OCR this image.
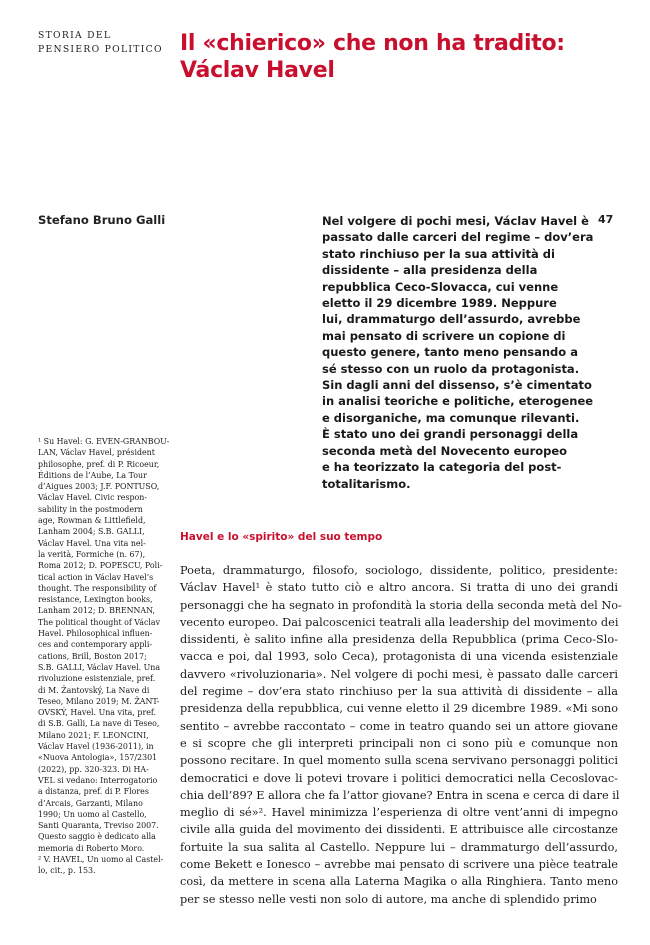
STORIA DEL
PENSIERO POLITICO Il «chierico» che non ha tradito:
Václav Havel
Stefano Bruno Galli	47
Nel volgere di pochi mesi, Václav Havel è
passato dalle carceri del regime – dov’era
stato rinchiuso per la sua attività di
dissidente – alla presidenza della
repubblica Ceco-Slovacca, cui venne
eletto il 29 dicembre 1989. Neppure
lui, drammaturgo dell’assurdo, avrebbe
mai pensato di scrivere un copione di
questo genere, tanto meno pensando a
sé stesso con un ruolo da protagonista.
Sin dagli anni del dissenso, s’è cimentato
in analisi teoriche e politiche, eterogenee
e disorganiche, ma comunque rilevanti.
È stato uno dei grandi personaggi della
seconda metà del Novecento europeo
e ha teorizzato la categoria del post-
totalitarismo.
Havel e lo «spirito» del suo tempo
Poeta, drammaturgo, filosofo, sociologo, dissidente, politico, presidente:
Václav Havel¹ è stato tutto ciò e altro ancora. Si tratta di uno dei grandi
personaggi che ha segnato in profondità la storia della seconda metà del No-
vecento europeo. Dai palcoscenici teatrali alla leadership del movimento dei
dissidenti, è salito infine alla presidenza della Repubblica (prima Ceco-Slo-
vacca e poi, dal 1993, solo Ceca), protagonista di una vicenda esistenziale
davvero «rivoluzionaria». Nel volgere di pochi mesi, è passato dalle carceri
del regime – dov’era stato rinchiuso per la sua attività di dissidente – alla
presidenza della repubblica, cui venne eletto il 29 dicembre 1989. «Mi sono
sentito – avrebbe raccontato – come in teatro quando sei un attore giovane
e si scopre che gli interpreti principali non ci sono più e comunque non
possono recitare. In quel momento sulla scena servivano personaggi politici
democratici e dove li potevi trovare i politici democratici nella Cecoslovac-
chia dell’89? E allora che fa l’attor giovane? Entra in scena e cerca di dare il
meglio di sé»². Havel minimizza l’esperienza di oltre vent’anni di impegno
civile alla guida del movimento dei dissidenti. E attribuisce alle circostanze
fortuite la sua salita al Castello. Neppure lui – drammaturgo dell’assurdo,
come Bekett e Ionesco – avrebbe mai pensato di scrivere una pièce teatrale
così, da mettere in scena alla Laterna Magika o alla Ringhiera. Tanto meno
per se stesso nelle vesti non solo di autore, ma anche di splendido primo
¹ Su Havel: G. EVEN-GRANBOU-
LAN, Václav Havel, président
philosophe, pref. di P. Ricoeur,
Éditions de l’Aube, La Tour
d’Aigues 2003; J.F. PONTUSO,
Václav Havel. Civic respon-
sability in the postmodern
age, Rowman & Littlefield,
Lanham 2004; S.B. GALLI,
Václav Havel. Una vita nel-
la verità, Formiche (n. 67),
Roma 2012; D. POPESCU, Poli-
tical action in Václav Havel’s
thought. The responsibility of
resistance, Lexington books,
Lanham 2012; D. BRENNAN,
The political thought of Václav
Havel. Philosophical influen-
ces and contemporary appli-
cations, Brill, Boston 2017;
S.B. GALLI, Václav Havel. Una
rivoluzione esistenziale, pref.
di M. Žantovský, La Nave di
Teseo, Milano 2019; M. ŽANT-
OVSKÝ, Havel. Una vita, pref.
di S.B. Galli, La nave di Teseo,
Milano 2021; F. LEONCINI,
Václav Havel (1936-2011), in
«Nuova Antologia», 157/2301
(2022), pp. 320-323. Di HA-
VEL si vedano: Interrogatorio
a distanza, pref. di P. Flores
d’Arcais, Garzanti, Milano
1990; Un uomo al Castello,
Santi Quaranta, Treviso 2007.
Questo saggio è dedicato alla
memoria di Roberto Moro.
² V. HAVEL, Un uomo al Castel-
lo, cit., p. 153.
